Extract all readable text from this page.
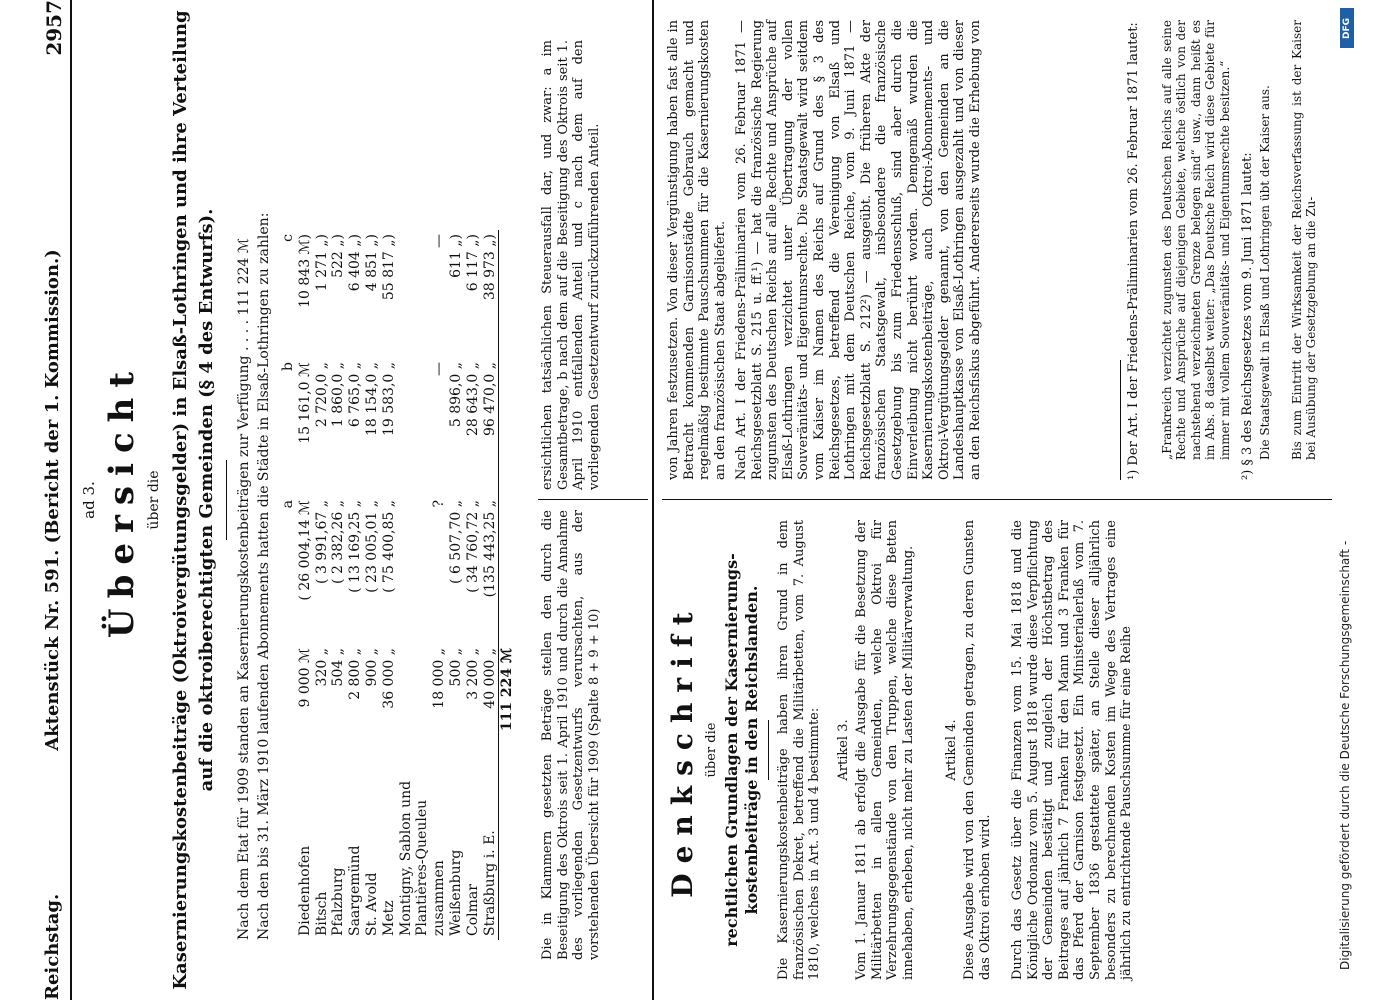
Reichstag.
Aktenstück Nr. 591. (Bericht der 1. Kommission.)
2957
ad 3. Übersicht über die Kasernierungskostenbeiträge (Oktroivergütungsgelder) in Elsaß-Lothringen und ihre Verteilung auf die oktroiberechtigten Gemeinden (§ 4 des Entwurfs). Nach dem Etat für 1909 standen an Kasernierungskostenbeiträgen zur Verfügung . . . . 111 224 ℳ Nach den bis 31. März 1910 laufenden Abonnements hatten die Städte in Elsaß-Lothringen zu zahlen:
		a	b	c
Diedenhofen	9 000 ℳ	( 26 004,14 ℳ	15 161,0 ℳ	10 843 ℳ)
Bitsch	320 „	( 3 991,67 „	2 720,0 „	1 271 „)
Pfalzburg	504 „	( 2 382,26 „	1 860,0 „	522 „)
Saargemünd	2 800 „	( 13 169,25 „	6 765,0 „	6 404 „)
St. Avold	900 „	( 23 005,01 „	18 154,0 „	4 851 „)
Metz	36 000 „	( 75 400,85 „	19 583,0 „	55 817 „)
Montigny, Sablon und				
Plantières-Queuleu				
zusammen	18 000 „	?	—	—
Weißenburg	500 „	( 6 507,70 „	5 896,0 „	611 „)
Colmar	3 200 „	( 34 760,72 „	28 643,0 „	6 117 „)
Straßburg i. E.	40 000 „	(135 443,25 „	96 470,0 „	38 973 „)
	111 224 ℳ			Die in Klammern gesetzten Beträge stellen den durch die Beseitigung des Oktrois seit 1. April 1910 und durch die Annahme des vorliegenden Gesetzentwurfs verursachten, aus der vorstehenden Übersicht für 1909 (Spalte 8 + 9 + 10)
ersichtlichen tatsächlichen Steuerausfall dar, und zwar: a im Gesamtbetrage, b nach dem auf die Beseitigung des Oktrois seit 1. April 1910 entfallenden Anteil und c nach dem auf den vorliegenden Gesetzentwurf zurückzuführenden Anteil.
Denkschrift über die rechtlichen Grundlagen der Kasernierungs- kostenbeiträge in den Reichslanden. Die Kasernierungskostenbeiträge haben ihren Grund in dem französischen Dekret, betreffend die Militärbetten, vom 7. August 1810, welches in Art. 3 und 4 bestimmte: Artikel 3. Vom 1. Januar 1811 ab erfolgt die Ausgabe für die Besetzung der Militärbetten in allen Gemeinden, welche Oktroi für Verzehrungsgegenstände von den Truppen, welche diese Betten innehaben, erheben, nicht mehr zu Lasten der Militärverwaltung. Artikel 4. Diese Ausgabe wird von den Gemeinden getragen, zu deren Gunsten das Oktroi erhoben wird. Durch das Gesetz über die Finanzen vom 15. Mai 1818 und die Königliche Ordonanz vom 5. August 1818 wurde diese Verpflichtung der Gemeinden bestätigt und zugleich der Höchstbetrag des Beitrages auf jährlich 7 Franken für den Mann und 3 Franken für das Pferd der Garnison festgesetzt. Ein Ministerialerlaß vom 7. September 1836 gestattete später, an Stelle dieser alljährlich besonders zu berechnenden Kosten im Wege des Vertrages eine jährlich zu entrichtende Pauschsumme für eine Reihe
von Jahren festzusetzen. Von dieser Vergünstigung haben fast alle in Betracht kommenden Garnisonstädte Gebrauch gemacht und regelmäßig bestimmte Pauschsummen für die Kasernierungskosten an den französischen Staat abgeliefert. Nach Art. I der Friedens-Präliminarien vom 26. Februar 1871 — Reichsgesetzblatt S. 215 u. ff.¹) — hat die französische Regierung zugunsten des Deutschen Reichs auf alle Rechte und Ansprüche auf Elsaß-Lothringen verzichtet unter Übertragung der vollen Souveränitäts- und Eigentumsrechte. Die Staatsgewalt wird seitdem vom Kaiser im Namen des Reichs auf Grund des § 3 des Reichsgesetzes, betreffend die Vereinigung von Elsaß und Lothringen mit dem Deutschen Reiche, vom 9. Juni 1871 — Reichsgesetzblatt S. 212²) — ausgeübt. Die früheren Akte der französischen Staatsgewalt, insbesondere die französische Gesetzgebung bis zum Friedensschluß, sind aber durch die Einverleibung nicht berührt worden. Demgemäß wurden die Kasernierungskostenbeiträge, auch Oktroi-Abonnements- und Oktroi-Vergütungsgelder genannt, von den Gemeinden an die Landeshauptkasse von Elsaß-Lothringen ausgezahlt und von dieser an den Reichsfiskus abgeführt. Andererseits wurde die Erhebung von	¹) Der Art. I der Friedens-Präliminarien vom 26. Februar 1871 lautet: „Frankreich verzichtet zugunsten des Deutschen Reichs auf alle seine Rechte und Ansprüche auf diejenigen Gebiete, welche östlich von der nachstehend verzeichneten Grenze belegen sind“ usw., dann heißt es im Abs. 8 daselbst weiter: „Das Deutsche Reich wird diese Gebiete für immer mit vollem Souveränitäts- und Eigentumsrechte besitzen.“ ²) § 3 des Reichsgesetzes vom 9. Juni 1871 lautet: Die Staatsgewalt in Elsaß und Lothringen übt der Kaiser aus. Bis zum Eintritt der Wirksamkeit der Reichsverfassung ist der Kaiser bei Ausübung der Gesetzgebung an die Zu-
DFG
Digitalisierung gefördert durch die Deutsche Forschungsgemeinschaft -
